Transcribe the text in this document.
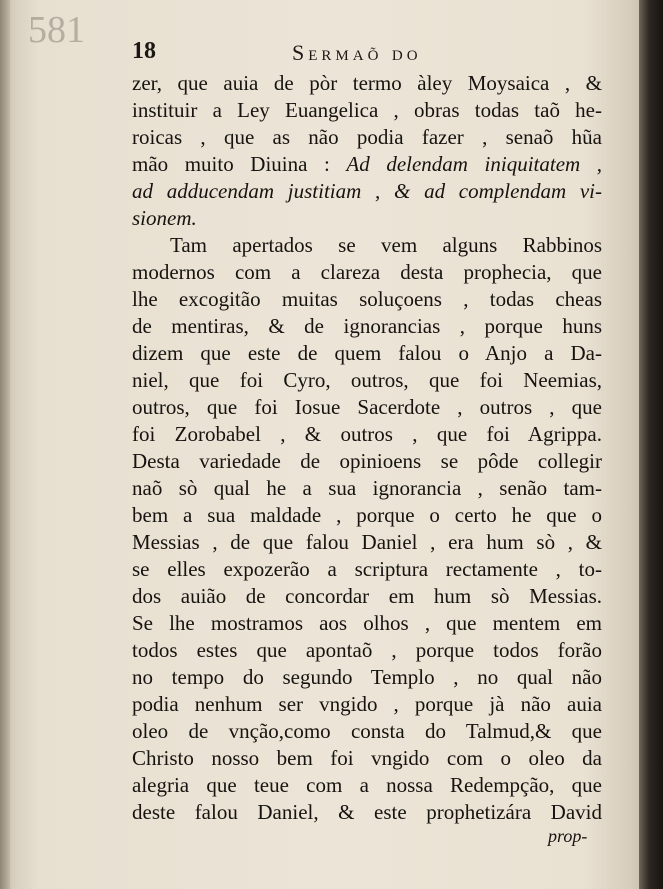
581 18	Sermaõ do
zer, que auia de pòr termo àley Moysaica , &
instituir a Ley Euangelica , obras todas taõ he-
roicas , que as não podia fazer , senaõ hũa
mão muito Diuina : Ad delendam iniquitatem ,
ad adducendam justitiam , & ad complendam vi-
sionem.
Tam apertados se vem alguns Rabbinos
modernos com a clareza desta prophecia, que
lhe excogitão muitas soluçoens , todas cheas
de mentiras, & de ignorancias , porque huns
dizem que este de quem falou o Anjo a Da-
niel, que foi Cyro, outros, que foi Neemias,
outros, que foi Iosue Sacerdote , outros , que
foi Zorobabel , & outros , que foi Agrippa.
Desta variedade de opinioens se pôde collegir
naõ sò qual he a sua ignorancia , senão tam-
bem a sua maldade , porque o certo he que o
Messias , de que falou Daniel , era hum sò , &
se elles expozerão a scriptura rectamente , to-
dos auião de concordar em hum sò Messias.
Se lhe mostramos aos olhos , que mentem em
todos estes que apontaõ , porque todos forão
no tempo do segundo Templo , no qual não
podia nenhum ser vngido , porque jà não auia
oleo de vnção,como consta do Talmud,& que
Christo nosso bem foi vngido com o oleo da
alegria que teue com a nossa Redempção, que
deste falou Daniel, & este prophetizára David
prop-
